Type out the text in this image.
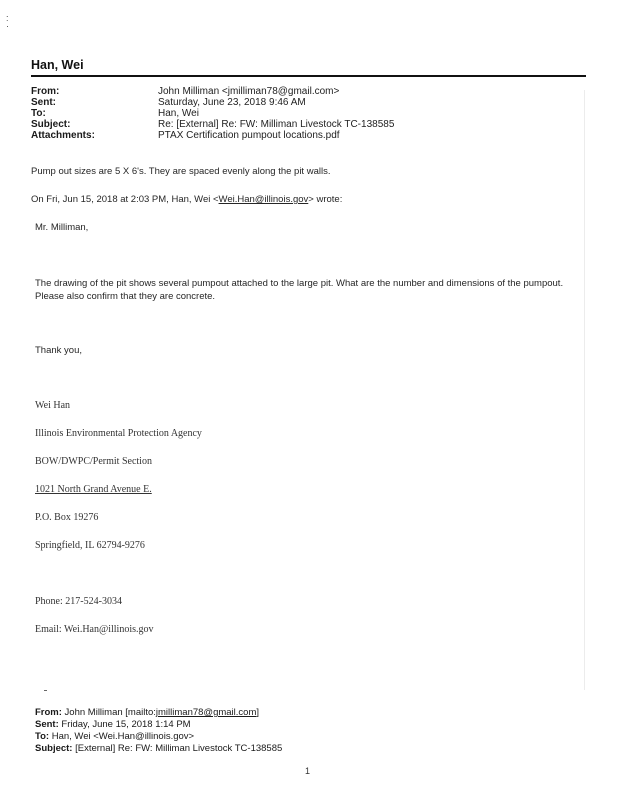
:
·
Han, Wei
From:	John Milliman <jmilliman78@gmail.com>
Sent:	Saturday, June 23, 2018 9:46 AM
To:	Han, Wei
Subject:	Re: [External] Re: FW: Milliman Livestock TC-138585
Attachments:	PTAX Certification pumpout locations.pdf
Pump out sizes are 5 X 6's. They are spaced evenly along the pit walls.
On Fri, Jun 15, 2018 at 2:03 PM, Han, Wei <Wei.Han@illinois.gov> wrote:
Mr. Milliman,
The drawing of the pit shows several pumpout attached to the large pit. What are the number and dimensions of the pumpout. Please also confirm that they are concrete.
Thank you,
Wei Han
Illinois Environmental Protection Agency
BOW/DWPC/Permit Section
1021 North Grand Avenue E.
P.O. Box 19276
Springfield, IL 62794-9276
Phone: 217-524-3034
Email: Wei.Han@illinois.gov
From: John Milliman [mailto:jmilliman78@gmail.com]
Sent: Friday, June 15, 2018 1:14 PM
To: Han, Wei <Wei.Han@illinois.gov>
Subject: [External] Re: FW: Milliman Livestock TC-138585
1
